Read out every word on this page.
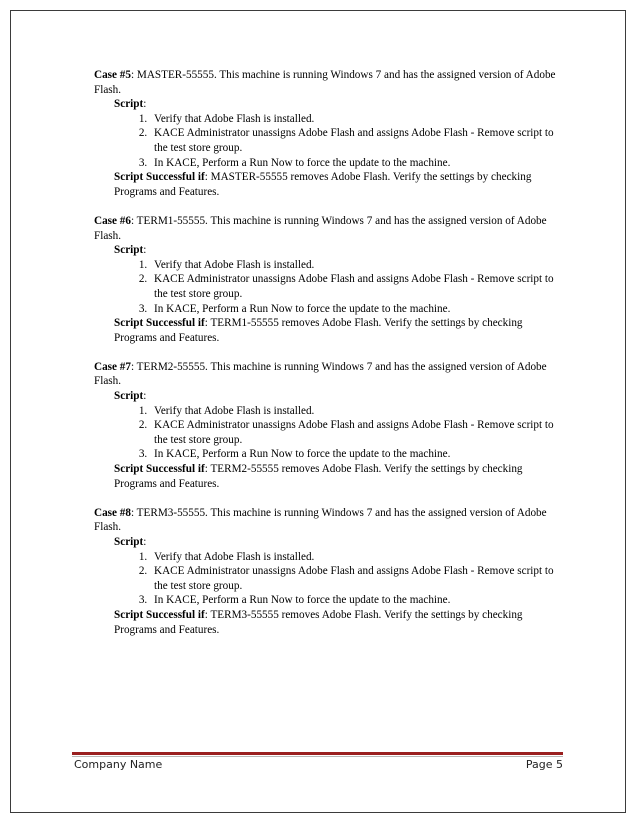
Case #5: MASTER-55555. This machine is running Windows 7 and has the assigned version of Adobe Flash.

Script:

1. Verify that Adobe Flash is installed.
2. KACE Administrator unassigns Adobe Flash and assigns Adobe Flash - Remove script to the test store group.
3. In KACE, Perform a Run Now to force the update to the machine.

Script Successful if: MASTER-55555 removes Adobe Flash. Verify the settings by checking Programs and Features.

Case #6: TERM1-55555. This machine is running Windows 7 and has the assigned version of Adobe Flash.

Script:

1. Verify that Adobe Flash is installed.
2. KACE Administrator unassigns Adobe Flash and assigns Adobe Flash - Remove script to the test store group.
3. In KACE, Perform a Run Now to force the update to the machine.

Script Successful if: TERM1-55555 removes Adobe Flash. Verify the settings by checking Programs and Features.

Case #7: TERM2-55555. This machine is running Windows 7 and has the assigned version of Adobe Flash.

Script:

1. Verify that Adobe Flash is installed.
2. KACE Administrator unassigns Adobe Flash and assigns Adobe Flash - Remove script to the test store group.
3. In KACE, Perform a Run Now to force the update to the machine.

Script Successful if: TERM2-55555 removes Adobe Flash. Verify the settings by checking Programs and Features.

Case #8: TERM3-55555. This machine is running Windows 7 and has the assigned version of Adobe Flash.

Script:

1. Verify that Adobe Flash is installed.
2. KACE Administrator unassigns Adobe Flash and assigns Adobe Flash - Remove script to the test store group.
3. In KACE, Perform a Run Now to force the update to the machine.

Script Successful if: TERM3-55555 removes Adobe Flash. Verify the settings by checking Programs and Features.

Company Name	Page 5
